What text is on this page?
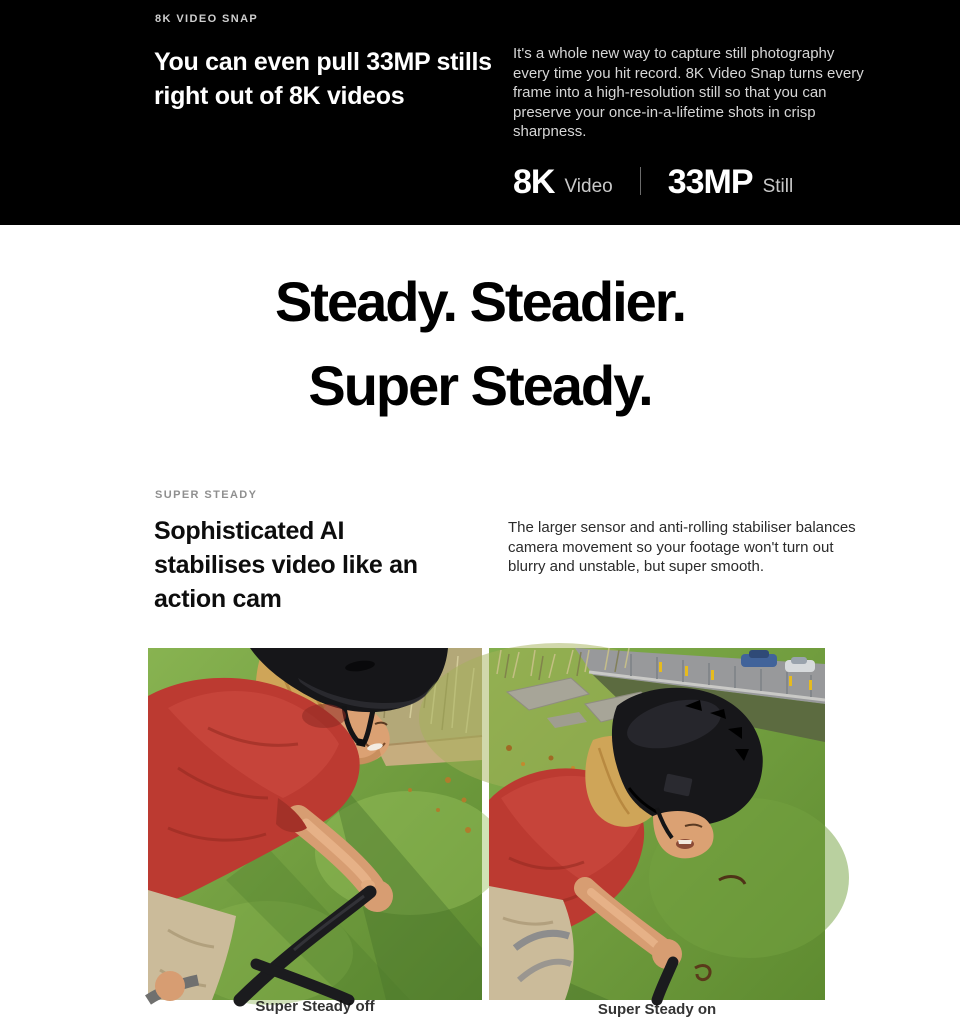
8K VIDEO SNAP
You can even pull 33MP stills
right out of 8K videos

It's a whole new way to capture still photography every time you hit record. 8K Video Snap turns every frame into a high-resolution still so that you can preserve your once-in-a-lifetime shots in crisp sharpness.

8K Video 33MP Still
Steady. Steadier.
Super Steady.
SUPER STEADY
Sophisticated AI
stabilises video like an
action cam

The larger sensor and anti-rolling stabiliser balances camera movement so your footage won't turn out blurry and unstable, but super smooth.

Super Steady off	Super Steady on
